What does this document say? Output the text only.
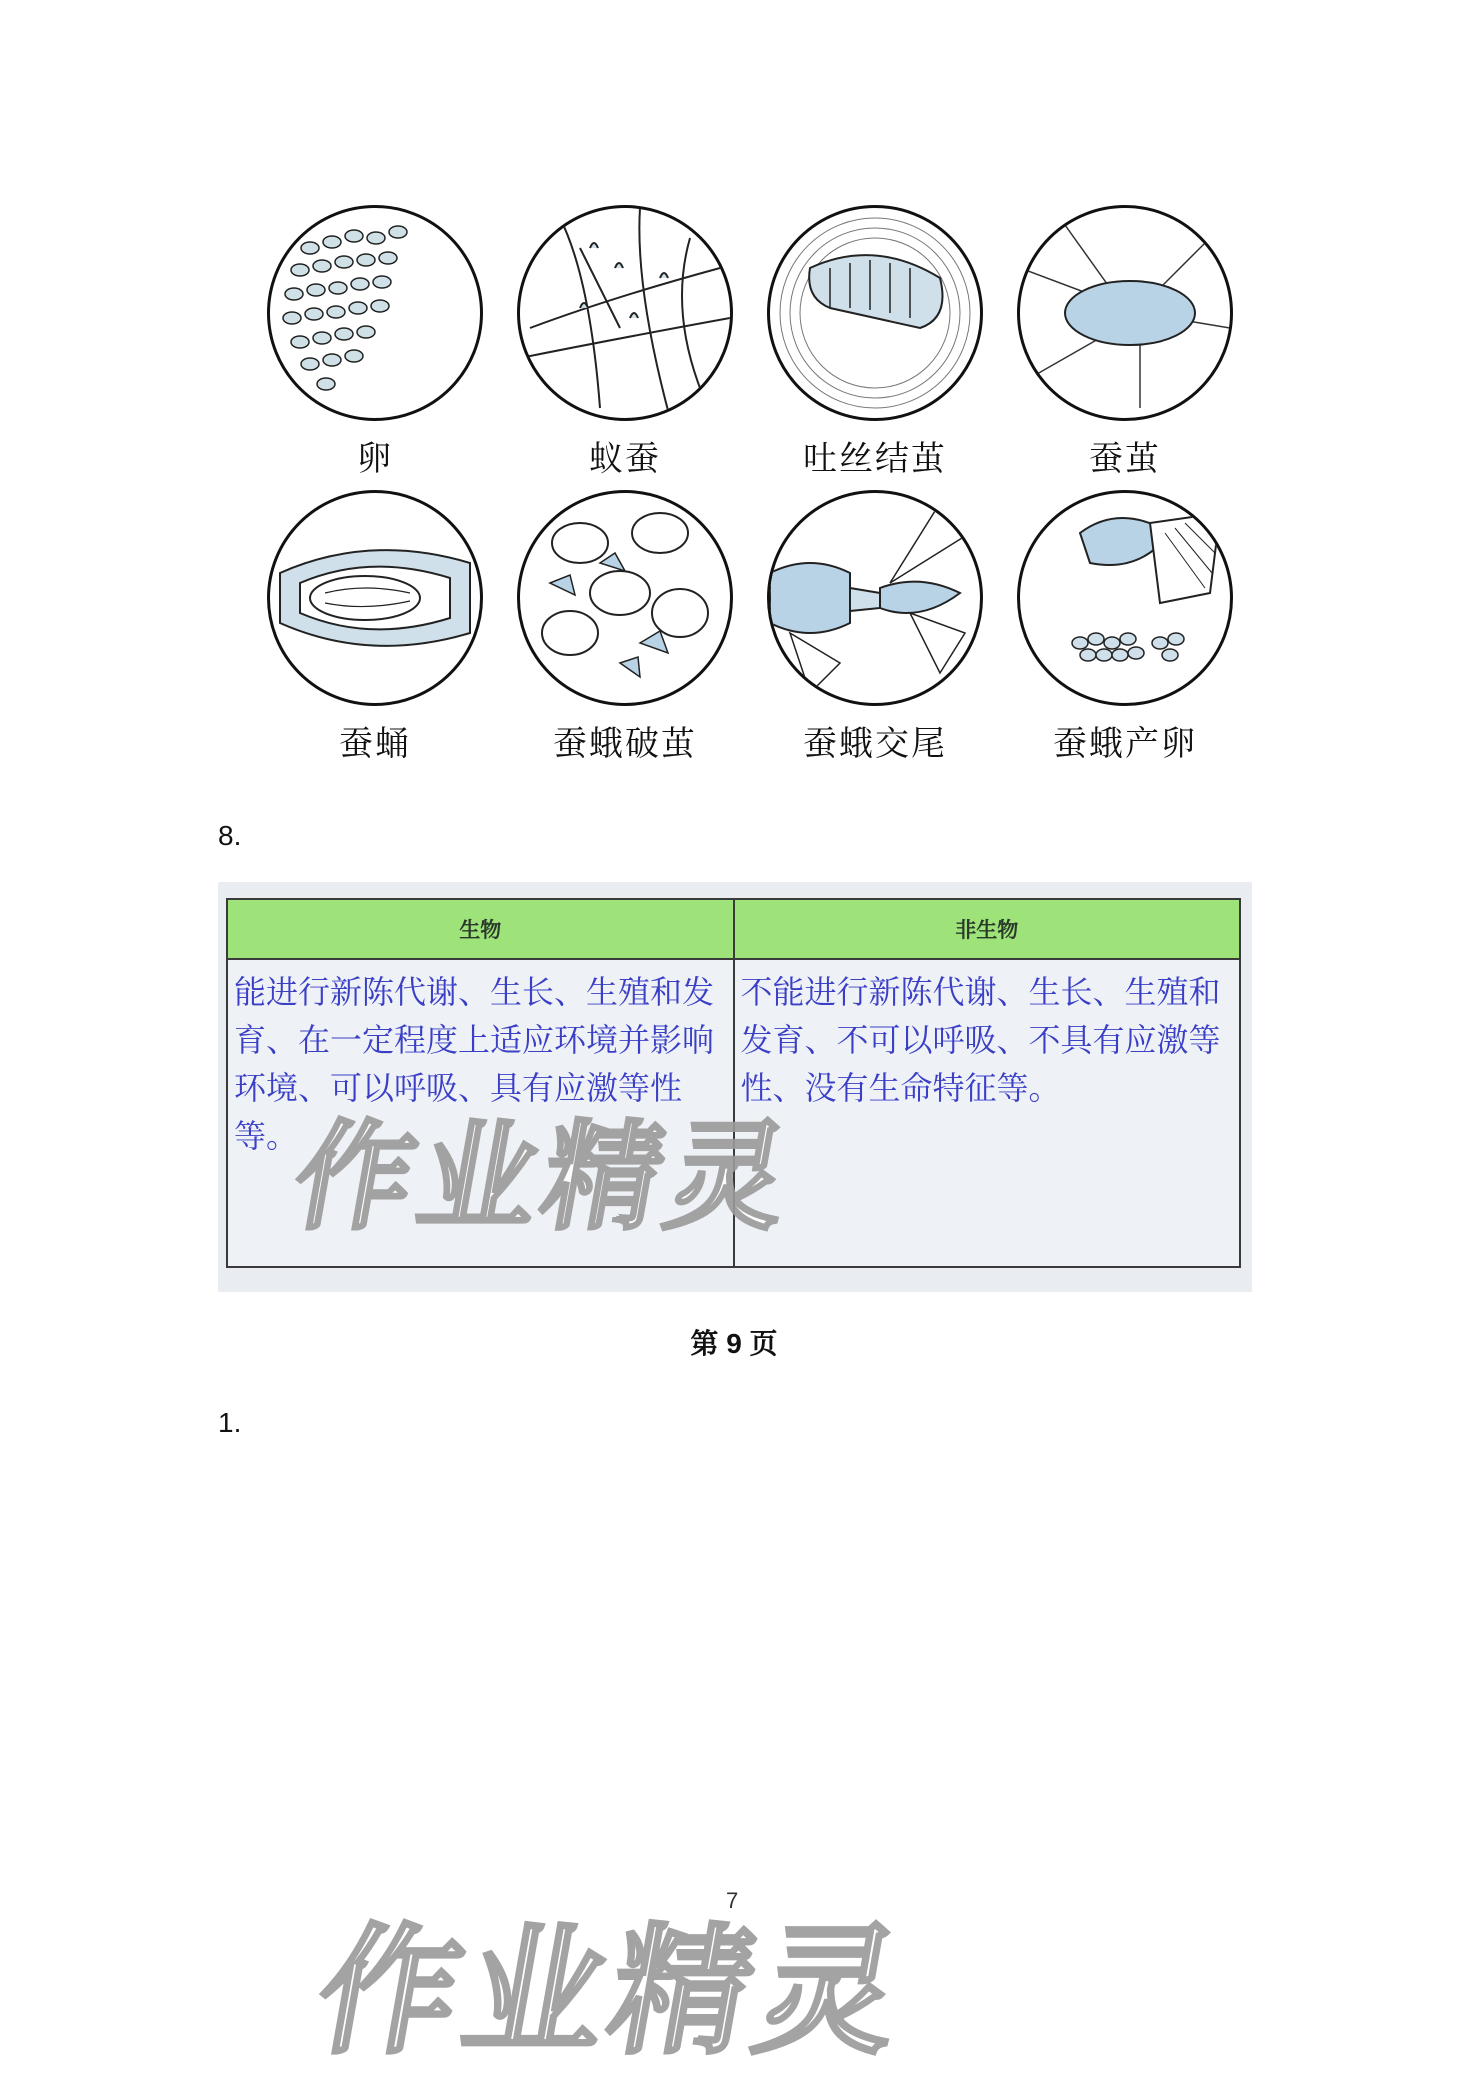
卵	蚁蚕	吐丝结茧	蚕茧
蚕蛹	蚕蛾破茧	蚕蛾交尾	蚕蛾产卵
8.
生物	非生物
能进行新陈代谢、生长、生殖和发育、在一定程度上适应环境并影响环境、可以呼吸、具有应激等性等。	不能进行新陈代谢、生长、生殖和发育、不可以呼吸、不具有应激等性、没有生命特征等。
作业精灵
第 9 页
1.
作业精灵
7
